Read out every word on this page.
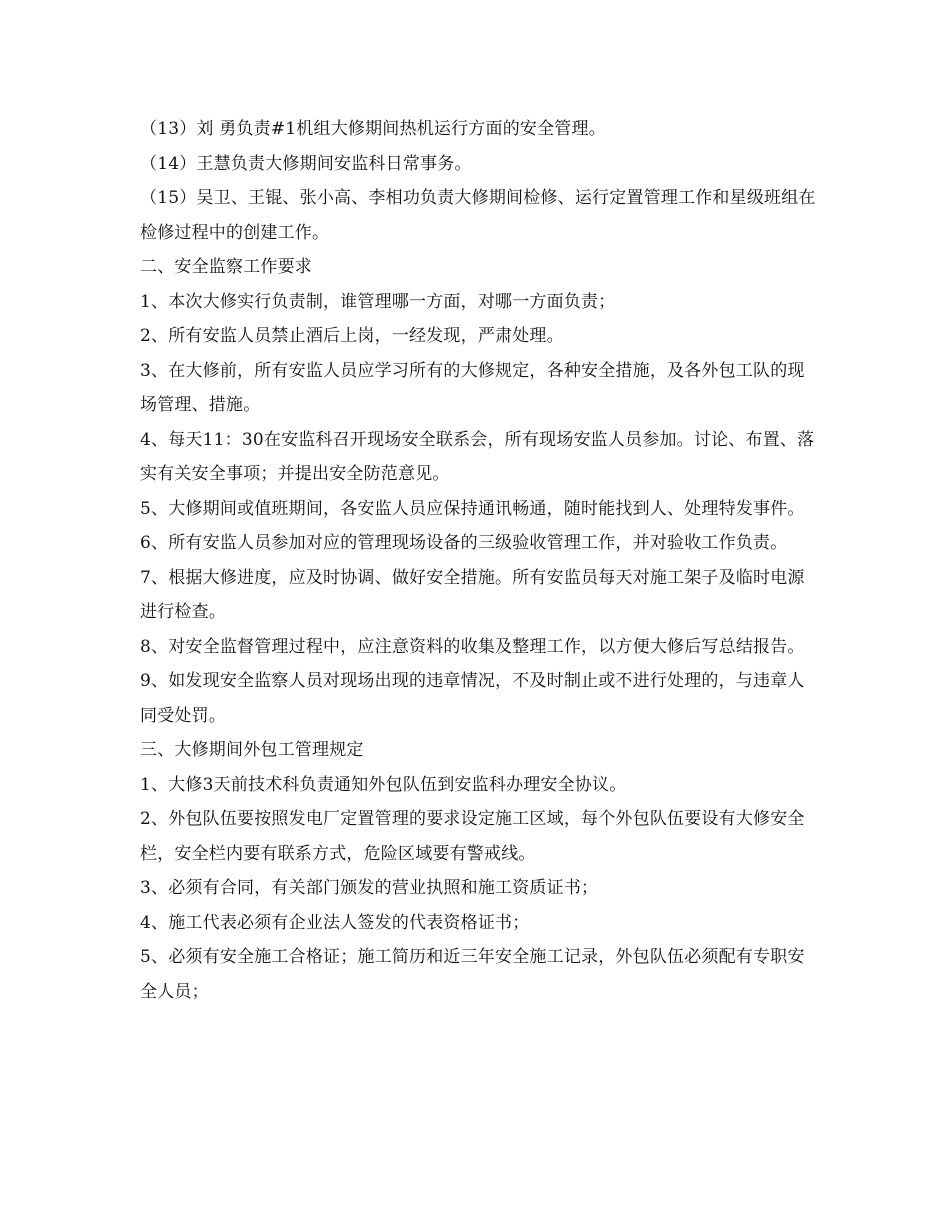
（13）刘 勇负责#1机组大修期间热机运行方面的安全管理。

（14）王慧负责大修期间安监科日常事务。

（15）吴卫、王锟、张小高、李相功负责大修期间检修、运行定置管理工作和星级班组在检修过程中的创建工作。

二、安全监察工作要求

1、本次大修实行负责制，谁管理哪一方面，对哪一方面负责；

2、所有安监人员禁止酒后上岗，一经发现，严肃处理。

3、在大修前，所有安监人员应学习所有的大修规定，各种安全措施，及各外包工队的现场管理、措施。

4、每天11：30在安监科召开现场安全联系会，所有现场安监人员参加。讨论、布置、落实有关安全事项；并提出安全防范意见。

5、大修期间或值班期间，各安监人员应保持通讯畅通，随时能找到人、处理特发事件。

6、所有安监人员参加对应的管理现场设备的三级验收管理工作，并对验收工作负责。

7、根据大修进度，应及时协调、做好安全措施。所有安监员每天对施工架子及临时电源进行检查。

8、对安全监督管理过程中，应注意资料的收集及整理工作，以方便大修后写总结报告。

9、如发现安全监察人员对现场出现的违章情况，不及时制止或不进行处理的，与违章人同受处罚。

三、大修期间外包工管理规定

1、大修3天前技术科负责通知外包队伍到安监科办理安全协议。

2、外包队伍要按照发电厂定置管理的要求设定施工区域，每个外包队伍要设有大修安全栏，安全栏内要有联系方式，危险区域要有警戒线。

3、必须有合同，有关部门颁发的营业执照和施工资质证书；

4、施工代表必须有企业法人签发的代表资格证书；

5、必须有安全施工合格证；施工简历和近三年安全施工记录，外包队伍必须配有专职安全人员；
